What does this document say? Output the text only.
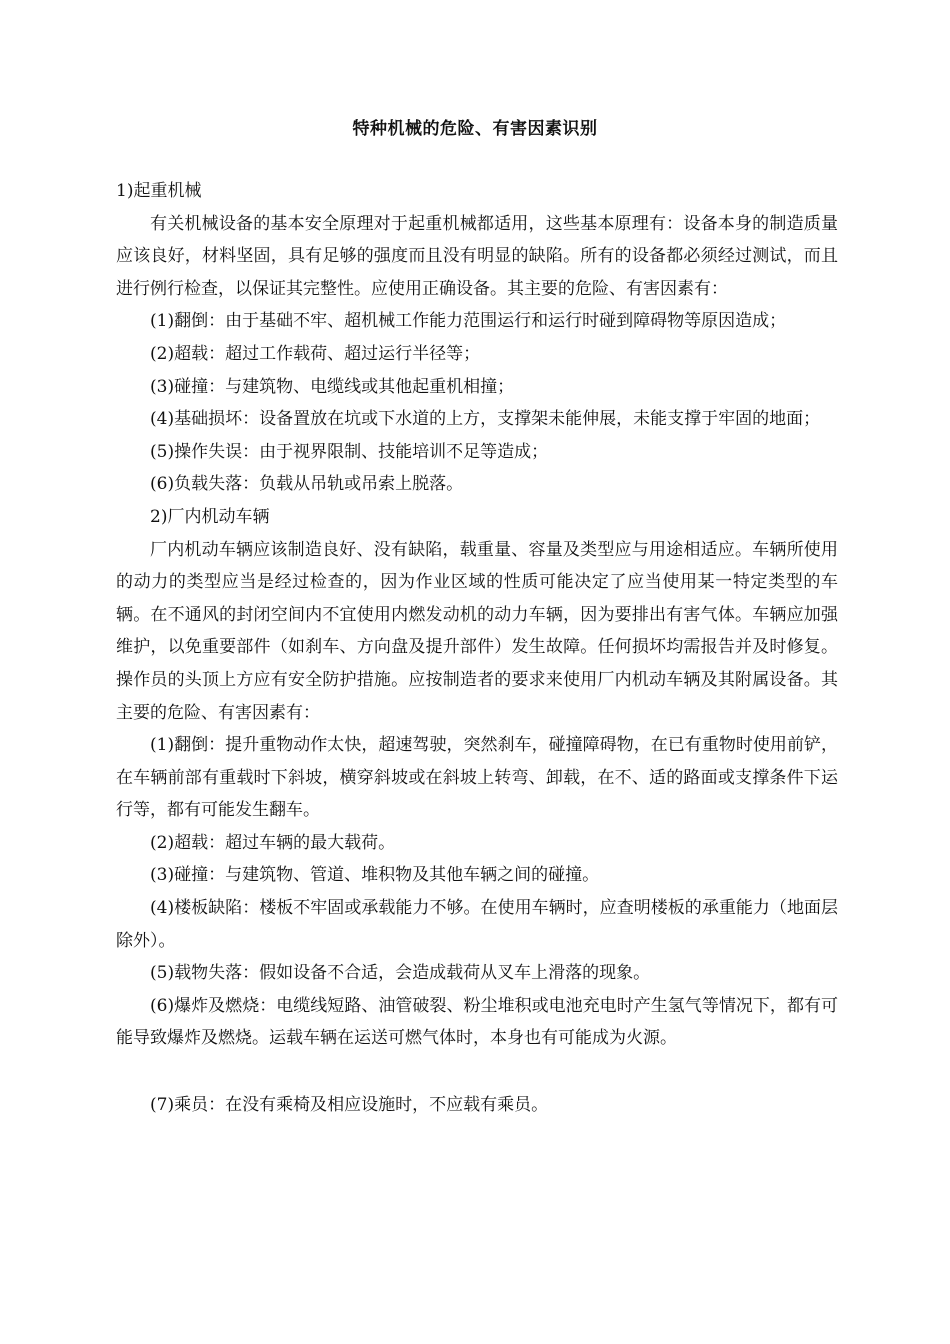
特种机械的危险、有害因素识别

1)起重机械

有关机械设备的基本安全原理对于起重机械都适用，这些基本原理有：设备本身的制造质量应该良好，材料坚固，具有足够的强度而且没有明显的缺陷。所有的设备都必须经过测试，而且进行例行检查，以保证其完整性。应使用正确设备。其主要的危险、有害因素有：

(1)翻倒：由于基础不牢、超机械工作能力范围运行和运行时碰到障碍物等原因造成；

(2)超载：超过工作载荷、超过运行半径等；

(3)碰撞：与建筑物、电缆线或其他起重机相撞；

(4)基础损坏：设备置放在坑或下水道的上方，支撑架未能伸展，未能支撑于牢固的地面；

(5)操作失误：由于视界限制、技能培训不足等造成；

(6)负载失落：负载从吊轨或吊索上脱落。

2)厂内机动车辆

厂内机动车辆应该制造良好、没有缺陷，载重量、容量及类型应与用途相适应。车辆所使用的动力的类型应当是经过检查的，因为作业区域的性质可能决定了应当使用某一特定类型的车辆。在不通风的封闭空间内不宜使用内燃发动机的动力车辆，因为要排出有害气体。车辆应加强维护，以免重要部件（如刹车、方向盘及提升部件）发生故障。任何损坏均需报告并及时修复。操作员的头顶上方应有安全防护措施。应按制造者的要求来使用厂内机动车辆及其附属设备。其主要的危险、有害因素有：

(1)翻倒：提升重物动作太快，超速驾驶，突然刹车，碰撞障碍物，在已有重物时使用前铲，在车辆前部有重载时下斜坡，横穿斜坡或在斜坡上转弯、卸载，在不、适的路面或支撑条件下运行等，都有可能发生翻车。

(2)超载：超过车辆的最大载荷。

(3)碰撞：与建筑物、管道、堆积物及其他车辆之间的碰撞。

(4)楼板缺陷：楼板不牢固或承载能力不够。在使用车辆时，应查明楼板的承重能力（地面层除外）。

(5)载物失落：假如设备不合适，会造成载荷从叉车上滑落的现象。

(6)爆炸及燃烧：电缆线短路、油管破裂、粉尘堆积或电池充电时产生氢气等情况下，都有可能导致爆炸及燃烧。运载车辆在运送可燃气体时，本身也有可能成为火源。

(7)乘员：在没有乘椅及相应设施时，不应载有乘员。
